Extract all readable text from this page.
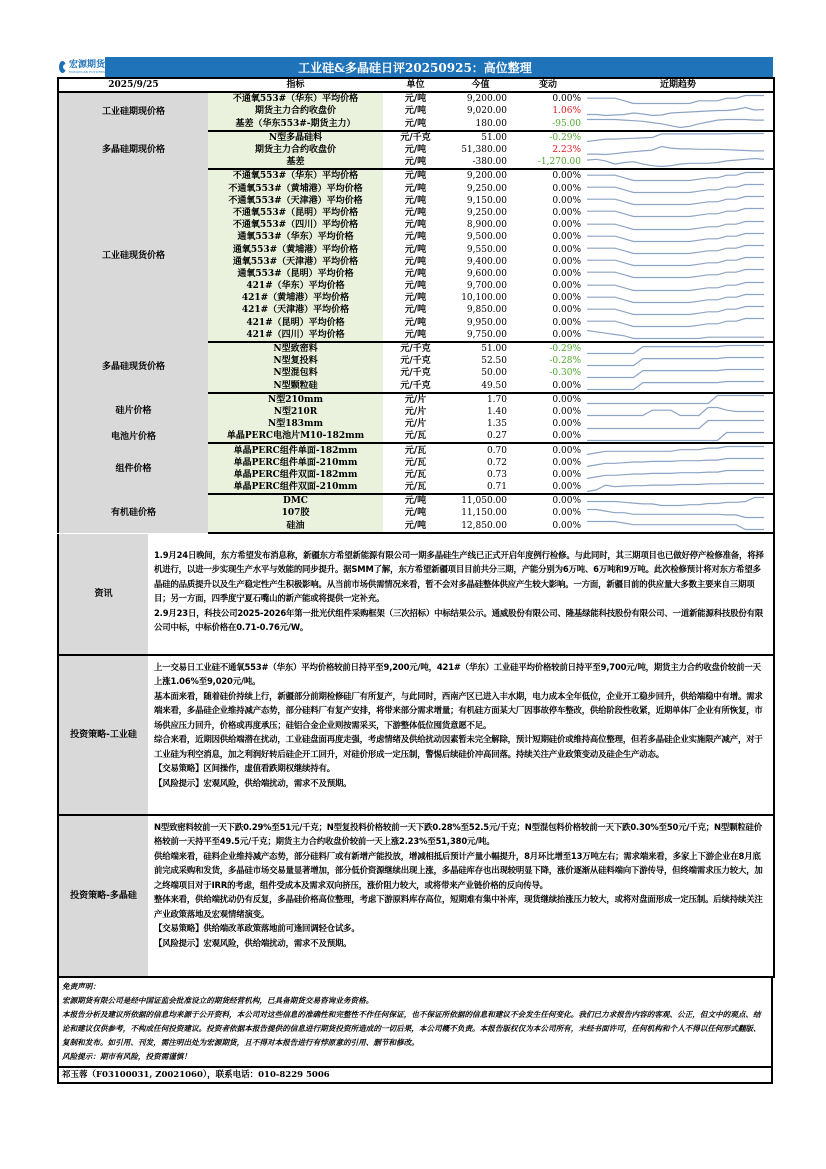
宏源期货
HONGYUAN FUTURES	工业硅&多晶硅日评20250925：高位整理
2025/9/25	指标	单位	今值	变动	近期趋势
工业硅期现价格	不通氧553#（华东）平均价格	元/吨	9,200.00	0.00%	

	期货主力合约收盘价	元/吨	9,020.00	1.06%	

	基差（华东553#-期货主力）	元/吨	180.00	-95.00	

多晶硅期现价格	N型多晶硅料	元/千克	51.00	-0.29%	

	期货主力合约收盘价	元/吨	51,380.00	2.23%	

	基差	元/吨	-380.00	-1,270.00	

工业硅现货价格	不通氧553#（华东）平均价格	元/吨	9,200.00	0.00%	

	不通氧553#（黄埔港）平均价格	元/吨	9,250.00	0.00%	

	不通氧553#（天津港）平均价格	元/吨	9,150.00	0.00%	

	不通氧553#（昆明）平均价格	元/吨	9,250.00	0.00%	

	不通氧553#（四川）平均价格	元/吨	8,900.00	0.00%	

	通氧553#（华东）平均价格	元/吨	9,500.00	0.00%	

	通氧553#（黄埔港）平均价格	元/吨	9,550.00	0.00%	

	通氧553#（天津港）平均价格	元/吨	9,400.00	0.00%	

	通氧553#（昆明）平均价格	元/吨	9,600.00	0.00%	

	421#（华东）平均价格	元/吨	9,700.00	0.00%	

	421#（黄埔港）平均价格	元/吨	10,100.00	0.00%	

	421#（天津港）平均价格	元/吨	9,850.00	0.00%	

	421#（昆明）平均价格	元/吨	9,950.00	0.00%	

	421#（四川）平均价格	元/吨	9,750.00	0.00%	

多晶硅现货价格	N型致密料	元/千克	51.00	-0.29%	

	N型复投料	元/千克	52.50	-0.28%	

	N型混包料	元/千克	50.00	-0.30%	

	N型颗粒硅	元/千克	49.50	0.00%	

硅片价格	N型210mm	元/片	1.70	0.00%	

	N型210R	元/片	1.40	0.00%	

	N型183mm	元/片	1.35	0.00%	

电池片价格	单晶PERC电池片M10-182mm	元/瓦	0.27	0.00%	

组件价格	单晶PERC组件单面-182mm	元/瓦	0.70	0.00%	

	单晶PERC组件单面-210mm	元/瓦	0.72	0.00%	

	单晶PERC组件双面-182mm	元/瓦	0.73	0.00%	

	单晶PERC组件双面-210mm	元/瓦	0.71	0.00%	

有机硅价格	DMC	元/吨	11,050.00	0.00%	

	107胶	元/吨	11,150.00	0.00%	

	硅油	元/吨	12,850.00	0.00%	
资讯	1.9月24日晚间，东方希望发布消息称，新疆东方希望新能源有限公司一期多晶硅生产线已正式开启年度例行检修。与此同时，其三期项目也已做好停产检修准备，将择机进行，以进一步实现生产水平与效能的同步提升。据SMM了解，东方希望新疆项目目前共分三期，产能分别为6万吨、6万吨和9万吨。此次检修预计将对东方希望多晶硅的品质提升以及生产稳定性产生积极影响。从当前市场供需情况来看，暂不会对多晶硅整体供应产生较大影响。一方面，新疆目前的供应量大多数主要来自三期项目；另一方面，四季度宁夏石嘴山的新产能或将提供一定补充。
2.9月23日，科技公司2025-2026年第一批光伏组件采购框架（三次招标）中标结果公示。通威股份有限公司、隆基绿能科技股份有限公司、一道新能源科技股份有限公司中标，中标价格在0.71-0.76元/W。

投资策略-工业硅	上一交易日工业硅不通氧553#（华东）平均价格较前日持平至9,200元/吨，421#（华东）工业硅平均价格较前日持平至9,700元/吨，期货主力合约收盘价较前一天上涨1.06%至9,020元/吨。
基本面来看，随着硅价持续上行，新疆部分前期检修硅厂有所复产，与此同时，西南产区已进入丰水期，电力成本全年低位，企业开工稳步回升，供给端稳中有增。需求端来看，多晶硅企业维持减产态势，部分硅料厂有复产安排，将带来部分需求增量；有机硅方面某大厂因事故停车整改，供给阶段性收紧，近期单体厂企业有所恢复，市场供应压力回升，价格或再度承压；硅铝合金企业则按需采买，下游整体低位囤货意愿不足。
综合来看，近期因供给端潜在扰动，工业硅盘面再度走强，考虑情绪及供给扰动因素暂未完全解除，预计短期硅价或维持高位整理，但若多晶硅企业实施限产减产，对于工业硅为利空消息，加之利润好转后硅企开工回升，对硅价形成一定压制，警惕后续硅价冲高回落。持续关注产业政策变动及硅企生产动态。
【交易策略】区间操作，虚值看跌期权继续持有。
【风险提示】宏观风险，供给端扰动，需求不及预期。

投资策略-多晶硅	N型致密料较前一天下跌0.29%至51元/千克；N型复投料价格较前一天下跌0.28%至52.5元/千克；N型混包料价格较前一天下跌0.30%至50元/千克；N型颗粒硅价格较前一天持平至49.5元/千克；期货主力合约收盘价较前一天上涨2.23%至51,380元/吨。
供给端来看，硅料企业维持减产态势，部分硅料厂或有新增产能投放，增减相抵后预计产量小幅提升，8月环比增至13万吨左右；需求端来看，多家上下游企业在8月底前完成采购和发货，多晶硅市场交易量显著增加，部分低价资源继续出现上涨，多晶硅库存也出现较明显下降，涨价逐渐从硅料端向下游传导，但终端需求压力较大，加之终端项目对于IRR的考虑，组件受成本及需求双向挤压，涨价阻力较大，或将带来产业链价格的反向传导。
整体来看，供给端扰动仍有反复，多晶硅价格高位整理，考虑下游原料库存高位，短期难有集中补库，现货继续抬涨压力较大，或将对盘面形成一定压制。后续持续关注产业政策落地及宏观情绪演变。
【交易策略】供给端改革政策落地前可逢回调轻仓试多。
【风险提示】宏观风险，供给端扰动，需求不及预期。
免责声明：
宏源期货有限公司是经中国证监会批准设立的期货经营机构，已具备期货交易咨询业务资格。
本报告分析及建议所依据的信息均来源于公开资料，本公司对这些信息的准确性和完整性不作任何保证，也不保证所依据的信息和建议不会发生任何变化。我们已力求报告内容的客观、公正，但文中的观点、结论和建议仅供参考，不构成任何投资建议。投资者依据本报告提供的信息进行期货投资所造成的一切后果，本公司概不负责。本报告版权仅为本公司所有，未经书面许可，任何机构和个人不得以任何形式翻版、复制和发布。如引用、刊发，需注明出处为宏源期货，且不得对本报告进行有悖原意的引用、删节和修改。
风险提示：期市有风险，投资需谨慎！
祁玉蓉（F03100031, Z0021060），联系电话：010-8229 5006
